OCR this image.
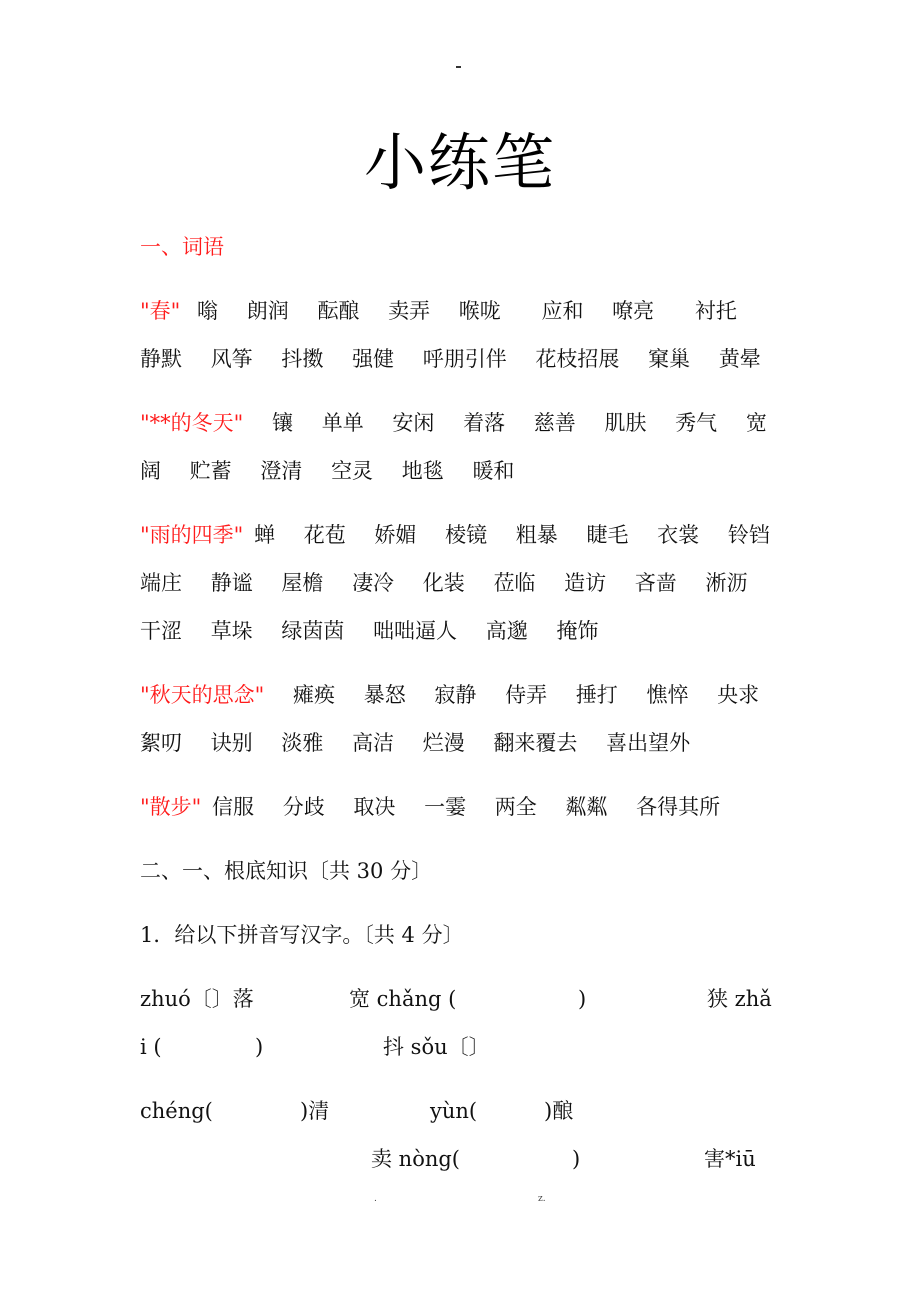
小练笔
一、词语
"春" 嗡 朗润 酝酿 卖弄 喉咙 应和 嘹亮 衬托
静默 风筝 抖擞 强健 呼朋引伴 花枝招展 窠巢 黄晕
"**的冬天" 镶 单单 安闲 着落 慈善 肌肤 秀气 宽
阔 贮蓄 澄清 空灵 地毯 暖和
"雨的四季" 蝉 花苞 娇媚 棱镜 粗暴 睫毛 衣裳 铃铛
端庄 静谧 屋檐 凄冷 化装 莅临 造访 吝啬 淅沥
干涩 草垛 绿茵茵 咄咄逼人 高邈 掩饰
"秋天的思念" 瘫痪 暴怒 寂静 侍弄 捶打 憔悴 央求
絮叨 诀别 淡雅 高洁 烂漫 翻来覆去 喜出望外
"散步" 信服 分歧 取决 一霎 两全 粼粼 各得其所
二、一、根底知识〔共 30 分〕
1．给以下拼音写汉字。〔共 4 分〕
zhuó〔〕落	宽 chǎng (	)	狭 zhǎ
i (	)	抖 sǒu〔〕
chéng(	)清	yùn(	)酿
卖 nòng(	)	害*iū
.	z.
